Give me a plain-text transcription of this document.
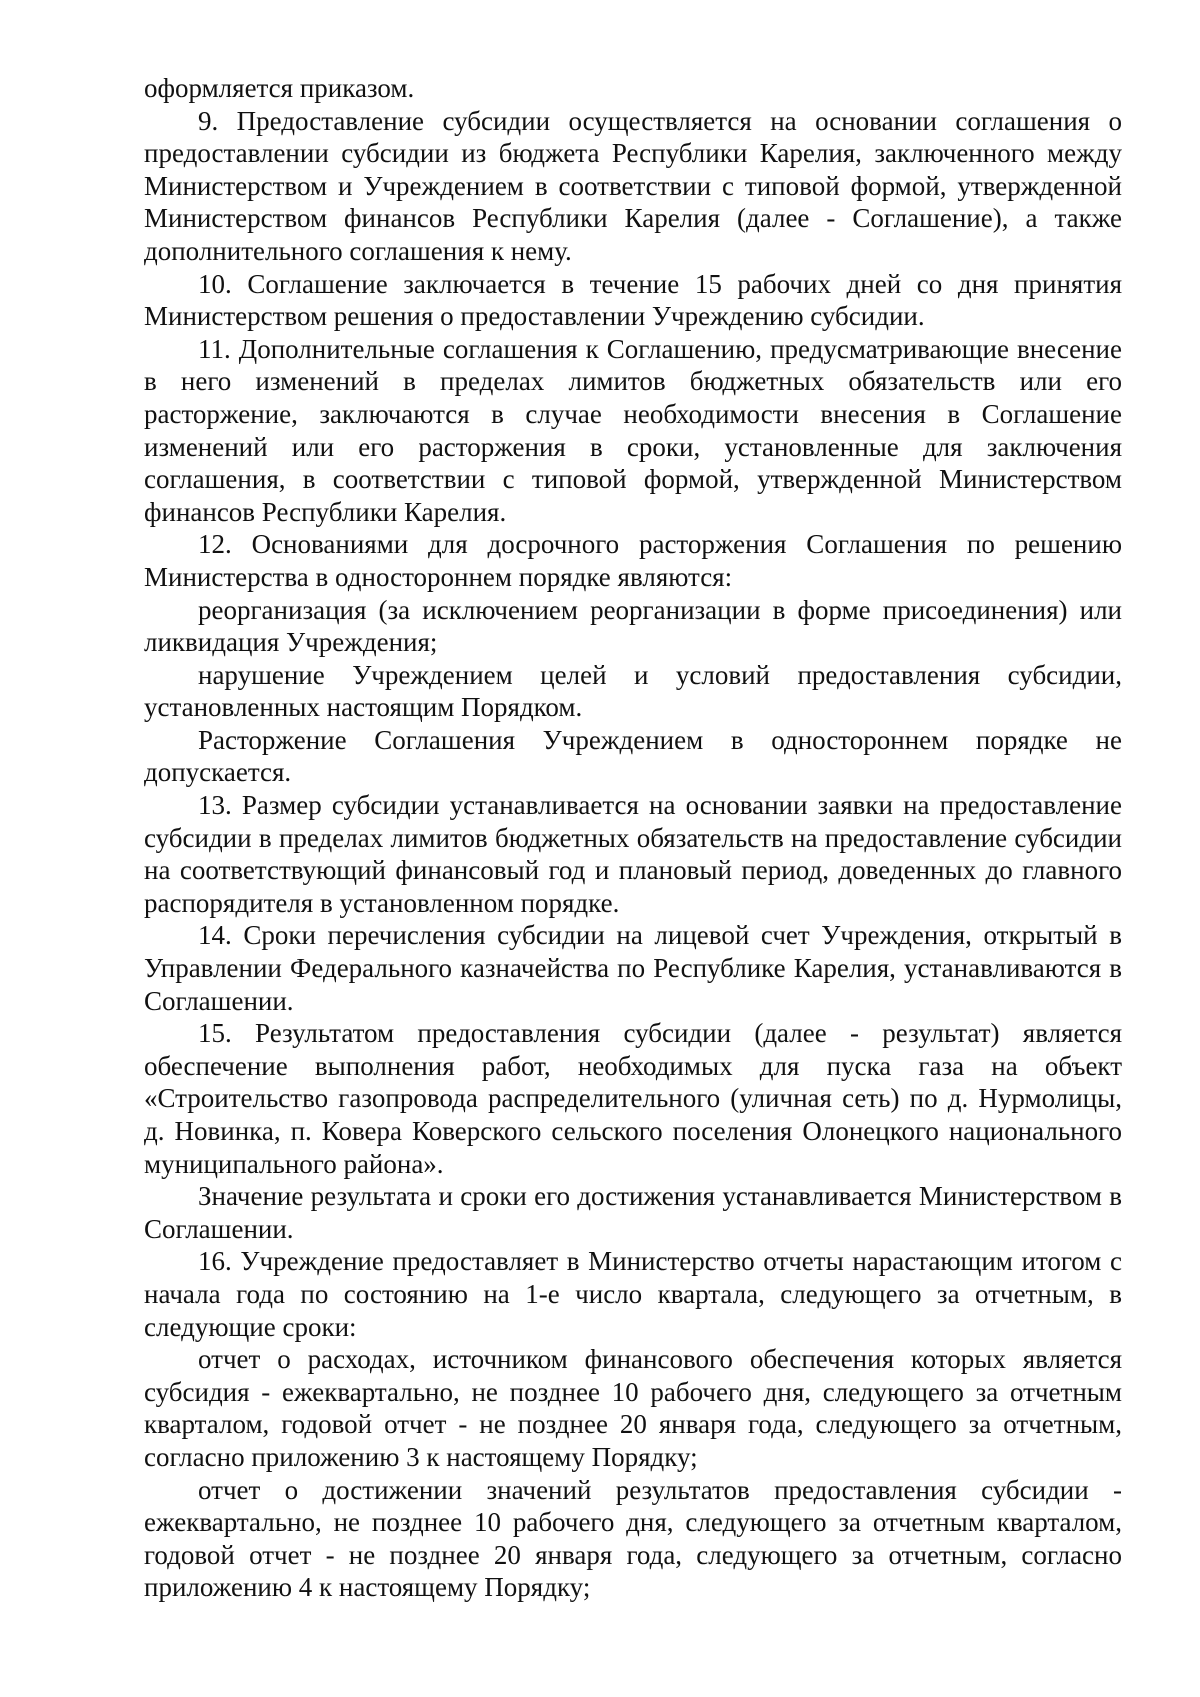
оформляется приказом.

9. Предоставление субсидии осуществляется на основании соглашения о предоставлении субсидии из бюджета Республики Карелия, заключенного между Министерством и Учреждением в соответствии с типовой формой, утвержденной Министерством финансов Республики Карелия (далее - Соглашение), а также дополнительного соглашения к нему.

10. Соглашение заключается в течение 15 рабочих дней со дня принятия Министерством решения о предоставлении Учреждению субсидии.

11. Дополнительные соглашения к Соглашению, предусматривающие внесение в него изменений в пределах лимитов бюджетных обязательств или его расторжение, заключаются в случае необходимости внесения в Соглашение изменений или его расторжения в сроки, установленные для заключения соглашения, в соответствии с типовой формой, утвержденной Министерством финансов Республики Карелия.

12. Основаниями для досрочного расторжения Соглашения по решению Министерства в одностороннем порядке являются:

реорганизация (за исключением реорганизации в форме присоединения) или ликвидация Учреждения;

нарушение Учреждением целей и условий предоставления субсидии, установленных настоящим Порядком.

Расторжение Соглашения Учреждением в одностороннем порядке не допускается.

13. Размер субсидии устанавливается на основании заявки на предоставление субсидии в пределах лимитов бюджетных обязательств на предоставление субсидии на соответствующий финансовый год и плановый период, доведенных до главного распорядителя в установленном порядке.

14. Сроки перечисления субсидии на лицевой счет Учреждения, открытый в Управлении Федерального казначейства по Республике Карелия, устанавливаются в Соглашении.

15. Результатом предоставления субсидии (далее - результат) является обеспечение выполнения работ, необходимых для пуска газа на объект «Строительство газопровода распределительного (уличная сеть) по д. Нурмолицы, д. Новинка, п. Ковера Коверского сельского поселения Олонецкого национального муниципального района».

Значение результата и сроки его достижения устанавливается Министерством в Соглашении.

16. Учреждение предоставляет в Министерство отчеты нарастающим итогом с начала года по состоянию на 1-е число квартала, следующего за отчетным, в следующие сроки:

отчет о расходах, источником финансового обеспечения которых является субсидия - ежеквартально, не позднее 10 рабочего дня, следующего за отчетным кварталом, годовой отчет - не позднее 20 января года, следующего за отчетным, согласно приложению 3 к настоящему Порядку;

отчет о достижении значений результатов предоставления субсидии - ежеквартально, не позднее 10 рабочего дня, следующего за отчетным кварталом, годовой отчет - не позднее 20 января года, следующего за отчетным, согласно приложению 4 к настоящему Порядку;
